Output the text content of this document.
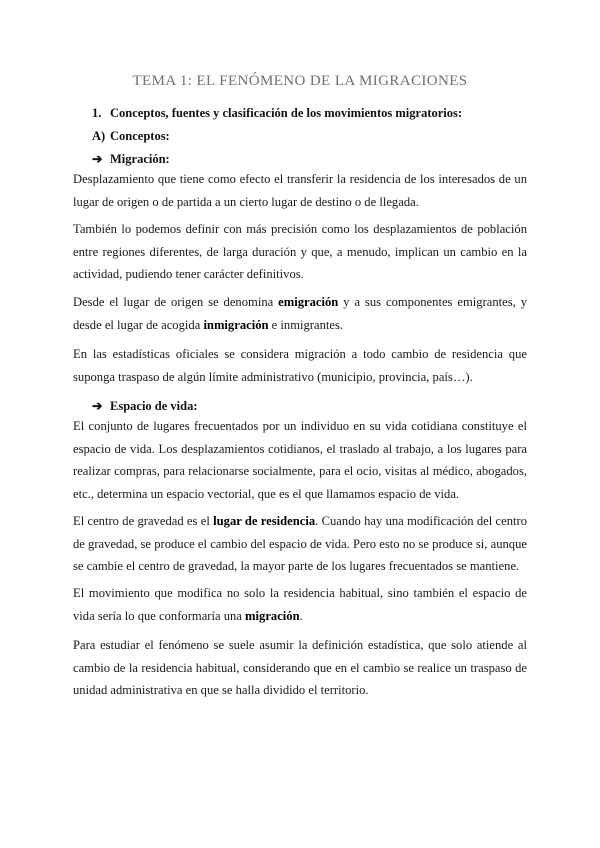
TEMA 1: EL FENÓMENO DE LA MIGRACIONES
1. Conceptos, fuentes y clasificación de los movimientos migratorios:
A) Conceptos:
➔ Migración:

Desplazamiento que tiene como efecto el transferir la residencia de los interesados de un lugar de origen o de partida a un cierto lugar de destino o de llegada.

También lo podemos definir con más precisión como los desplazamientos de población entre regiones diferentes, de larga duración y que, a menudo, implican un cambio en la actividad, pudiendo tener carácter definitivos.

Desde el lugar de origen se denomina emigración y a sus componentes emigrantes, y desde el lugar de acogida inmigración e inmigrantes.

En las estadísticas oficiales se considera migración a todo cambio de residencia que suponga traspaso de algún límite administrativo (municipio, provincia, país…).

➔ Espacio de vida:

El conjunto de lugares frecuentados por un individuo en su vida cotidiana constituye el espacio de vida. Los desplazamientos cotidianos, el traslado al trabajo, a los lugares para realizar compras, para relacionarse socialmente, para el ocio, visitas al médico, abogados, etc., determina un espacio vectorial, que es el que llamamos espacio de vida.

El centro de gravedad es el lugar de residencia. Cuando hay una modificación del centro de gravedad, se produce el cambio del espacio de vida. Pero esto no se produce si, aunque se cambie el centro de gravedad, la mayor parte de los lugares frecuentados se mantiene.

El movimiento que modifica no solo la residencia habitual, sino también el espacio de vida sería lo que conformaría una migración.

Para estudiar el fenómeno se suele asumir la definición estadística, que solo atiende al cambio de la residencia habitual, considerando que en el cambio se realice un traspaso de unidad administrativa en que se halla dividido el territorio.
